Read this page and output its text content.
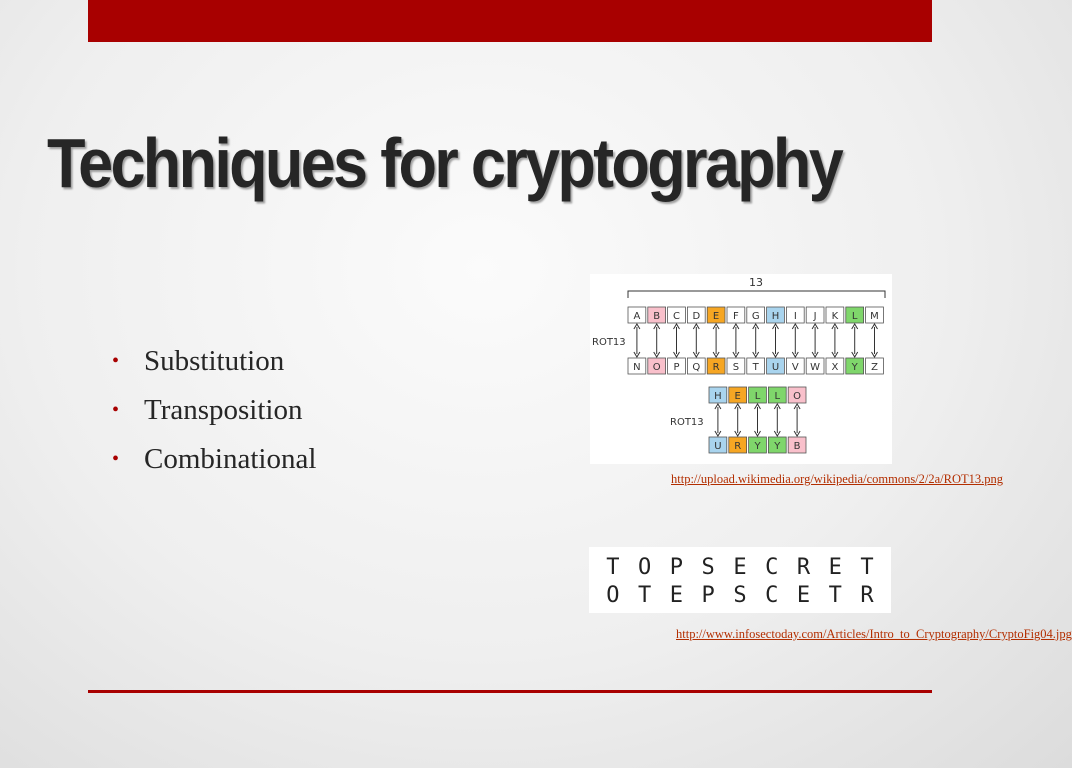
Techniques for cryptography
• Substitution
• Transposition
• Combinational
13
ROT13
A B C D E F G H I J K L M
N O P Q R S T U V W X Y Z
H E L L O
U R Y Y B
ROT13

http://upload.wikimedia.org/wikipedia/commons/2/2a/ROT13.png

T O P S E C R E T
O T E P S C E T R

http://www.infosectoday.com/Articles/Intro_to_Cryptography/CryptoFig04.jpg
